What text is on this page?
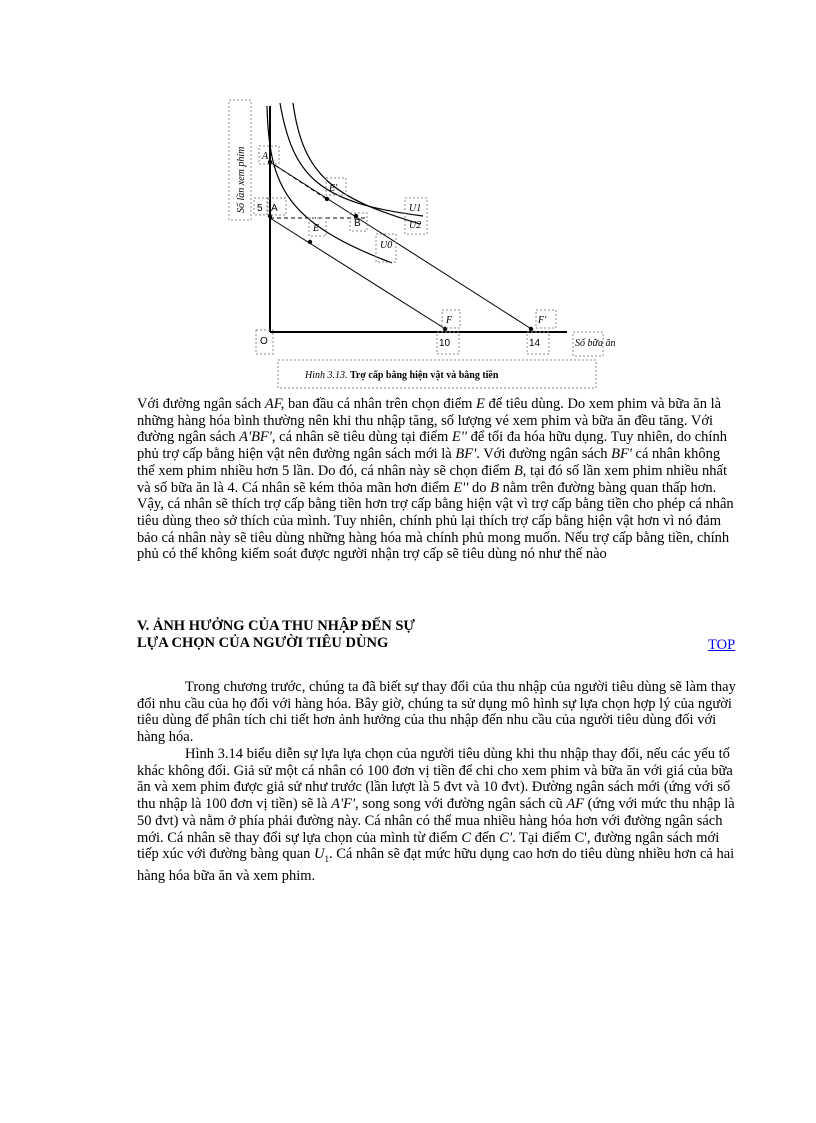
Số lần xem phim A'
5 A
E'
E	B
U1
U2
U0
F	F'
O	10	14	Số bữa ăn
Hình 3.13. Trợ cấp bằng hiện vật và bằng tiền

Với đường ngân sách AF, ban đầu cá nhân trên chọn điểm E để tiêu dùng. Do xem phim và bữa ăn là những hàng hóa bình thường nên khi thu nhập tăng, số lượng vé xem phim và bữa ăn đều tăng. Với đường ngân sách A'BF', cá nhân sẽ tiêu dùng tại điểm E'' để tối đa hóa hữu dụng. Tuy nhiên, do chính phủ trợ cấp bằng hiện vật nên đường ngân sách mới là BF'. Với đường ngân sách BF' cá nhân không thể xem phim nhiều hơn 5 lần. Do đó, cá nhân này sẽ chọn điểm B, tại đó số lần xem phim nhiều nhất và số bữa ăn là 4. Cá nhân sẽ kém thỏa mãn hơn điểm E'' do B nằm trên đường bàng quan thấp hơn. Vậy, cá nhân sẽ thích trợ cấp bằng tiền hơn trợ cấp bằng hiện vật vì trợ cấp bằng tiền cho phép cá nhân tiêu dùng theo sở thích của mình. Tuy nhiên, chính phủ lại thích trợ cấp bằng hiện vật hơn vì nó đảm bảo cá nhân này sẽ tiêu dùng những hàng hóa mà chính phủ mong muốn. Nếu trợ cấp bằng tiền, chính phủ có thể không kiểm soát được người nhận trợ cấp sẽ tiêu dùng nó như thế nào

V. ẢNH HƯỞNG CỦA THU NHẬP ĐẾN SỰ LỰA CHỌN CỦA NGƯỜI TIÊU DÙNG	TOP

Trong chương trước, chúng ta đã biết sự thay đổi của thu nhập của người tiêu dùng sẽ làm thay đổi nhu cầu của họ đối với hàng hóa. Bây giờ, chúng ta sử dụng mô hình sự lựa chọn hợp lý của người tiêu dùng để phân tích chi tiết hơn ảnh hưởng của thu nhập đến nhu cầu của người tiêu dùng đối với hàng hóa.

Hình 3.14 biểu diễn sự lựa lựa chọn của người tiêu dùng khi thu nhập thay đổi, nếu các yếu tố khác không đổi. Giả sử một cá nhân có 100 đơn vị tiền để chi cho xem phim và bữa ăn với giá của bữa ăn và xem phim được giả sử như trước (lần lượt là 5 đvt và 10 đvt). Đường ngân sách mới (ứng với số thu nhập là 100 đơn vị tiền) sẽ là A'F', song song với đường ngân sách cũ AF (ứng với mức thu nhập là 50 đvt) và nằm ở phía phải đường này. Cá nhân có thể mua nhiều hàng hóa hơn với đường ngân sách mới. Cá nhân sẽ thay đổi sự lựa chọn của mình từ điểm C đến C'. Tại điểm C', đường ngân sách mới tiếp xúc với đường bàng quan $U_1$. Cá nhân sẽ đạt mức hữu dụng cao hơn do tiêu dùng nhiều hơn cả hai hàng hóa bữa ăn và xem phim.
